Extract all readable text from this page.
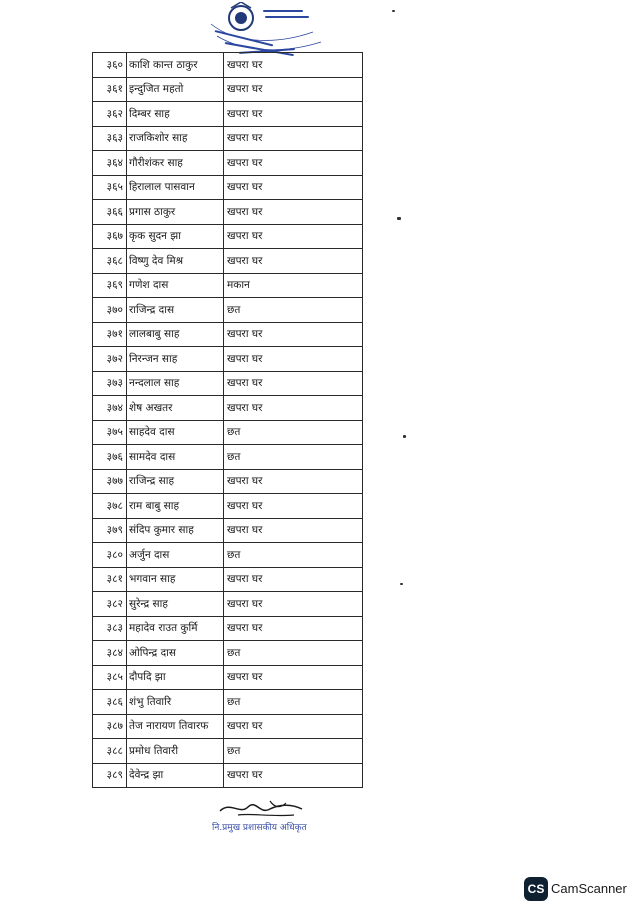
३६०	काशि कान्त ठाकुर	खपरा घर
३६१	इन्दुजित महतो	खपरा घर
३६२	दिम्बर साह	खपरा घर
३६३	राजकिशोर साह	खपरा घर
३६४	गौरीशंकर साह	खपरा घर
३६५	हिरालाल पासवान	खपरा घर
३६६	प्रगास ठाकुर	खपरा घर
३६७	कृक सुदन झा	खपरा घर
३६८	विष्णु देव मिश्र	खपरा घर
३६९	गणेश दास	मकान
३७०	राजिन्द्र दास	छत
३७१	लालबाबु साह	खपरा घर
३७२	निरन्जन साह	खपरा घर
३७३	नन्दलाल साह	खपरा घर
३७४	शेष अखतर	खपरा घर
३७५	साहदेव दास	छत
३७६	सामदेव दास	छत
३७७	राजिन्द्र साह	खपरा घर
३७८	राम बाबु साह	खपरा घर
३७९	संदिप कुमार साह	खपरा घर
३८०	अर्जुन दास	छत
३८१	भगवान साह	खपरा घर
३८२	सुरेन्द्र साह	खपरा घर
३८३	महादेव राउत कुर्मि	खपरा घर
३८४	ओपिन्द्र दास	छत
३८५	दौपदि झा	खपरा घर
३८६	शंभु तिवारि	छत
३८७	तेज नारायण तिवारफ	खपरा घर
३८८	प्रमोध तिवारी	छत
३८९	देवेन्द्र झा	खपरा घर
नि.प्रमुख प्रशासकीय अधिकृत
CS CamScanner
